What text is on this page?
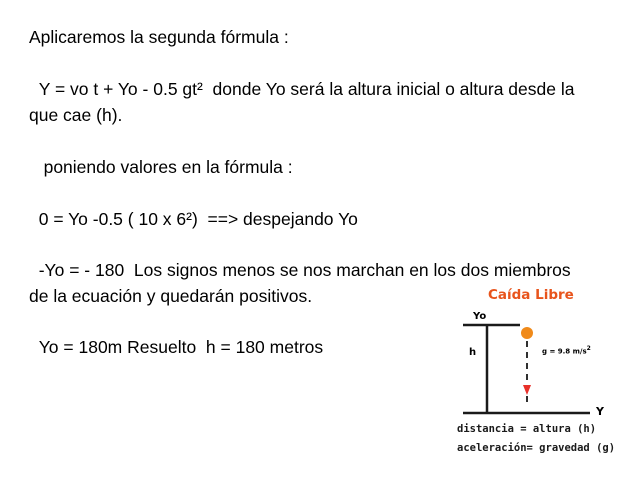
Aplicaremos la segunda fórmula :

Y = vo t + Yo - 0.5 gt²  donde Yo será la altura inicial o altura desde la que cae (h).

poniendo valores en la fórmula :

0 = Yo -0.5 ( 10 x 6²)  ==> despejando Yo

-Yo = - 180  Los signos menos se nos marchan en los dos miembros de la ecuación y quedarán positivos.

Yo = 180m Resuelto  h = 180 metros

Caída Libre

Yo
h
Y
g = 9.8 $m/s^2$

distancia = altura (h)

aceleración= gravedad (g)
